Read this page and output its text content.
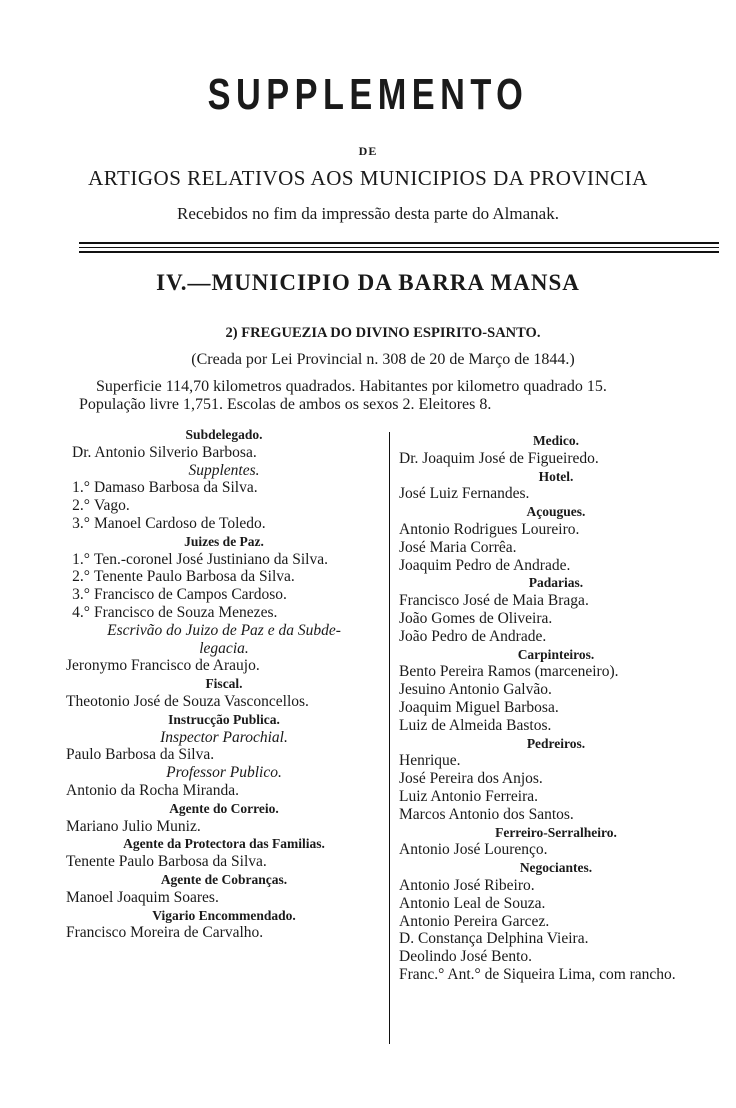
SUPPLEMENTO
DE
ARTIGOS RELATIVOS AOS MUNICIPIOS DA PROVINCIA
Recebidos no fim da impressão desta parte do Almanak.
IV.—MUNICIPIO DA BARRA MANSA
2) FREGUEZIA DO DIVINO ESPIRITO-SANTO.
(Creada por Lei Provincial n. 308 de 20 de Março de 1844.)
Superficie 114,70 kilometros quadrados. Habitantes por kilometro quadrado 15.
População livre 1,751. Escolas de ambos os sexos 2. Eleitores 8.
Subdelegado.
Dr. Antonio Silverio Barbosa.
Supplentes.
1.° Damaso Barbosa da Silva.
2.° Vago.
3.° Manoel Cardoso de Toledo.
Juizes de Paz.
1.° Ten.-coronel José Justiniano da Silva.
2.° Tenente Paulo Barbosa da Silva.
3.° Francisco de Campos Cardoso.
4.° Francisco de Souza Menezes.
Escrivão do Juizo de Paz e da Subde-
legacia.
Jeronymo Francisco de Araujo.
Fiscal.
Theotonio José de Souza Vasconcellos.
Instrucção Publica.
Inspector Parochial.
Paulo Barbosa da Silva.
Professor Publico.
Antonio da Rocha Miranda.
Agente do Correio.
Mariano Julio Muniz.
Agente da Protectora das Familias.
Tenente Paulo Barbosa da Silva.
Agente de Cobranças.
Manoel Joaquim Soares.
Vigario Encommendado.
Francisco Moreira de Carvalho.
Medico.
Dr. Joaquim José de Figueiredo.
Hotel.
José Luiz Fernandes.
Açougues.
Antonio Rodrigues Loureiro.
José Maria Corrêa.
Joaquim Pedro de Andrade.
Padarias.
Francisco José de Maia Braga.
João Gomes de Oliveira.
João Pedro de Andrade.
Carpinteiros.
Bento Pereira Ramos (marceneiro).
Jesuino Antonio Galvão.
Joaquim Miguel Barbosa.
Luiz de Almeida Bastos.
Pedreiros.
Henrique.
José Pereira dos Anjos.
Luiz Antonio Ferreira.
Marcos Antonio dos Santos.
Ferreiro-Serralheiro.
Antonio José Lourenço.
Negociantes.
Antonio José Ribeiro.
Antonio Leal de Souza.
Antonio Pereira Garcez.
D. Constança Delphina Vieira.
Deolindo José Bento.
Franc.° Ant.° de Siqueira Lima, com rancho.
